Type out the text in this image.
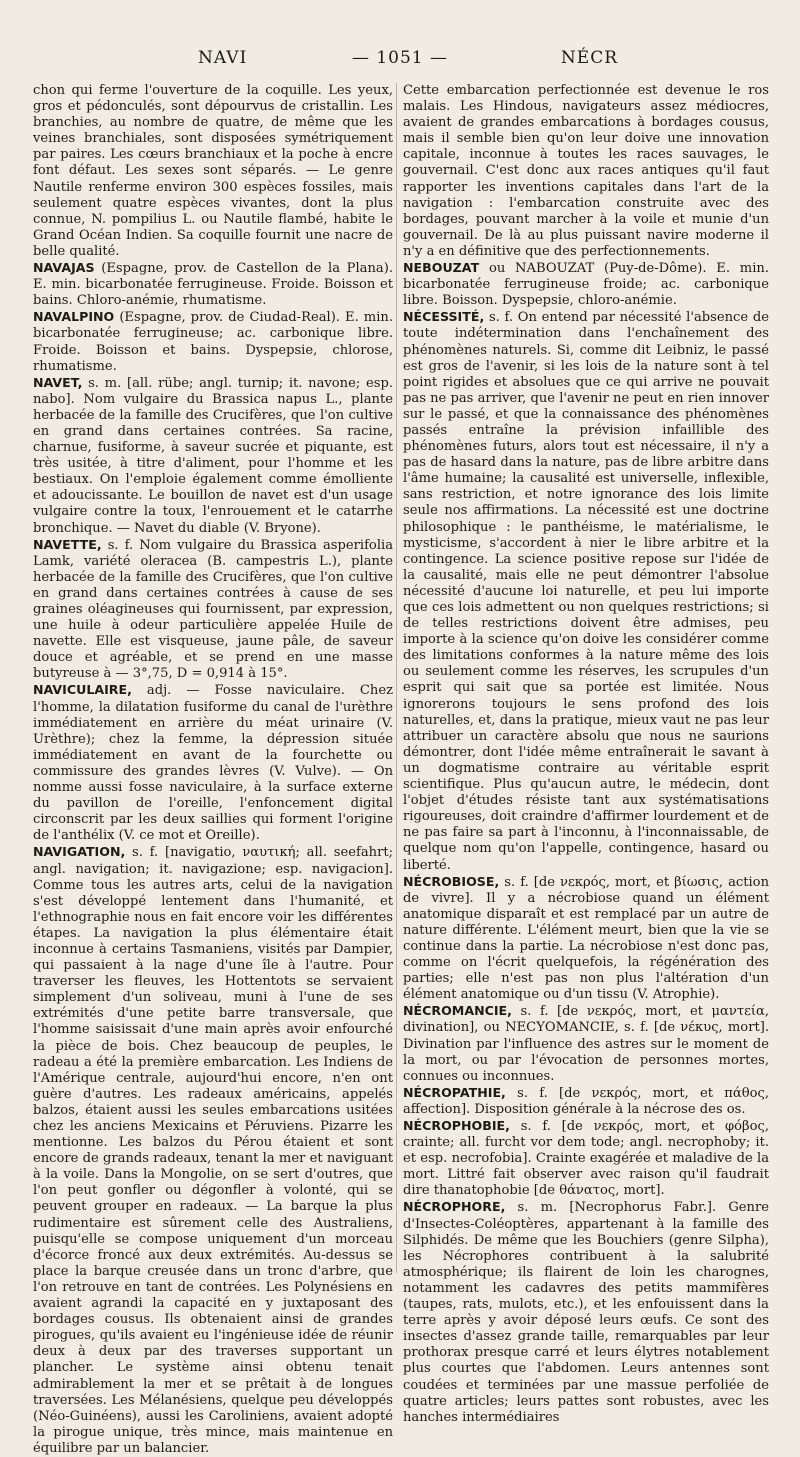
NAVI	— 1051 —	NÉCR

chon qui ferme l'ouverture de la coquille. Les yeux, gros et pédonculés, sont dépourvus de cristallin. Les branchies, au nombre de quatre, de même que les veines branchiales, sont disposées symétriquement par paires. Les cœurs branchiaux et la poche à encre font défaut. Les sexes sont séparés. — Le genre Nautile renferme environ 300 espèces fossiles, mais seulement quatre espèces vivantes, dont la plus connue, N. pompilius L. ou Nautile flambé, habite le Grand Océan Indien. Sa coquille fournit une nacre de belle qualité.

NAVAJAS (Espagne, prov. de Castellon de la Plana). E. min. bicarbonatée ferrugineuse. Froide. Boisson et bains. Chloro-anémie, rhumatisme.

NAVALPINO (Espagne, prov. de Ciudad-Real). E. min. bicarbonatée ferrugineuse; ac. carbonique libre. Froide. Boisson et bains. Dyspepsie, chlorose, rhumatisme.

NAVET, s. m. [all. rübe; angl. turnip; it. navone; esp. nabo]. Nom vulgaire du Brassica napus L., plante herbacée de la famille des Crucifères, que l'on cultive en grand dans certaines contrées. Sa racine, charnue, fusiforme, à saveur sucrée et piquante, est très usitée, à titre d'aliment, pour l'homme et les bestiaux. On l'emploie également comme émolliente et adoucissante. Le bouillon de navet est d'un usage vulgaire contre la toux, l'enrouement et le catarrhe bronchique. — Navet du diable (V. Bryone).

NAVETTE, s. f. Nom vulgaire du Brassica asperifolia Lamk, variété oleracea (B. campestris L.), plante herbacée de la famille des Crucifères, que l'on cultive en grand dans certaines contrées à cause de ses graines oléagineuses qui fournissent, par expression, une huile à odeur particulière appelée Huile de navette. Elle est visqueuse, jaune pâle, de saveur douce et agréable, et se prend en une masse butyreuse à — 3°,75, D = 0,914 à 15°.

NAVICULAIRE, adj. — Fosse naviculaire. Chez l'homme, la dilatation fusiforme du canal de l'urèthre immédiatement en arrière du méat urinaire (V. Urèthre); chez la femme, la dépression située immédiatement en avant de la fourchette ou commissure des grandes lèvres (V. Vulve). — On nomme aussi fosse naviculaire, à la surface externe du pavillon de l'oreille, l'enfoncement digital circonscrit par les deux saillies qui forment l'origine de l'anthélix (V. ce mot et Oreille).

NAVIGATION, s. f. [navigatio, ναυτική; all. seefahrt; angl. navigation; it. navigazione; esp. navigacion]. Comme tous les autres arts, celui de la navigation s'est développé lentement dans l'humanité, et l'ethnographie nous en fait encore voir les différentes étapes. La navigation la plus élémentaire était inconnue à certains Tasmaniens, visités par Dampier, qui passaient à la nage d'une île à l'autre. Pour traverser les fleuves, les Hottentots se servaient simplement d'un soliveau, muni à l'une de ses extrémités d'une petite barre transversale, que l'homme saisissait d'une main après avoir enfourché la pièce de bois. Chez beaucoup de peuples, le radeau a été la première embarcation. Les Indiens de l'Amérique centrale, aujourd'hui encore, n'en ont guère d'autres. Les radeaux américains, appelés balzos, étaient aussi les seules embarcations usitées chez les anciens Mexicains et Péruviens. Pizarre les mentionne. Les balzos du Pérou étaient et sont encore de grands radeaux, tenant la mer et naviguant à la voile. Dans la Mongolie, on se sert d'outres, que l'on peut gonfler ou dégonfler à volonté, qui se peuvent grouper en radeaux. — La barque la plus rudimentaire est sûrement celle des Australiens, puisqu'elle se compose uniquement d'un morceau d'écorce froncé aux deux extrémités. Au-dessus se place la barque creusée dans un tronc d'arbre, que l'on retrouve en tant de contrées. Les Polynésiens en avaient agrandi la capacité en y juxtaposant des bordages cousus. Ils obtenaient ainsi de grandes pirogues, qu'ils avaient eu l'ingénieuse idée de réunir deux à deux par des traverses supportant un plancher. Le système ainsi obtenu tenait admirablement la mer et se prêtait à de longues traversées. Les Mélanésiens, quelque peu développés (Néo-Guinéens), aussi les Caroliniens, avaient adopté la pirogue unique, très mince, mais maintenue en équilibre par un balancier.

Cette embarcation perfectionnée est devenue le ros malais. Les Hindous, navigateurs assez médiocres, avaient de grandes embarcations à bordages cousus, mais il semble bien qu'on leur doive une innovation capitale, inconnue à toutes les races sauvages, le gouvernail. C'est donc aux races antiques qu'il faut rapporter les inventions capitales dans l'art de la navigation : l'embarcation construite avec des bordages, pouvant marcher à la voile et munie d'un gouvernail. De là au plus puissant navire moderne il n'y a en définitive que des perfectionnements.

NEBOUZAT ou NABOUZAT (Puy-de-Dôme). E. min. bicarbonatée ferrugineuse froide; ac. carbonique libre. Boisson. Dyspepsie, chloro-anémie.

NÉCESSITÉ, s. f. On entend par nécessité l'absence de toute indétermination dans l'enchaînement des phénomènes naturels. Si, comme dit Leibniz, le passé est gros de l'avenir, si les lois de la nature sont à tel point rigides et absolues que ce qui arrive ne pouvait pas ne pas arriver, que l'avenir ne peut en rien innover sur le passé, et que la connaissance des phénomènes passés entraîne la prévision infaillible des phénomènes futurs, alors tout est nécessaire, il n'y a pas de hasard dans la nature, pas de libre arbitre dans l'âme humaine; la causalité est universelle, inflexible, sans restriction, et notre ignorance des lois limite seule nos affirmations. La nécessité est une doctrine philosophique : le panthéisme, le matérialisme, le mysticisme, s'accordent à nier le libre arbitre et la contingence. La science positive repose sur l'idée de la causalité, mais elle ne peut démontrer l'absolue nécessité d'aucune loi naturelle, et peu lui importe que ces lois admettent ou non quelques restrictions; si de telles restrictions doivent être admises, peu importe à la science qu'on doive les considérer comme des limitations conformes à la nature même des lois ou seulement comme les réserves, les scrupules d'un esprit qui sait que sa portée est limitée. Nous ignorerons toujours le sens profond des lois naturelles, et, dans la pratique, mieux vaut ne pas leur attribuer un caractère absolu que nous ne saurions démontrer, dont l'idée même entraînerait le savant à un dogmatisme contraire au véritable esprit scientifique. Plus qu'aucun autre, le médecin, dont l'objet d'études résiste tant aux systématisations rigoureuses, doit craindre d'affirmer lourdement et de ne pas faire sa part à l'inconnu, à l'inconnaissable, de quelque nom qu'on l'appelle, contingence, hasard ou liberté.

NÉCROBIOSE, s. f. [de νεκρός, mort, et βίωσις, action de vivre]. Il y a nécrobiose quand un élément anatomique disparaît et est remplacé par un autre de nature différente. L'élément meurt, bien que la vie se continue dans la partie. La nécrobiose n'est donc pas, comme on l'écrit quelquefois, la régénération des parties; elle n'est pas non plus l'altération d'un élément anatomique ou d'un tissu (V. Atrophie).

NÉCROMANCIE, s. f. [de νεκρός, mort, et μαντεία, divination], ou NECYOMANCIE, s. f. [de νέκυς, mort]. Divination par l'influence des astres sur le moment de la mort, ou par l'évocation de personnes mortes, connues ou inconnues.

NÉCROPATHIE, s. f. [de νεκρός, mort, et πάθος, affection]. Disposition générale à la nécrose des os.

NÉCROPHOBIE, s. f. [de νεκρός, mort, et φόβος, crainte; all. furcht vor dem tode; angl. necrophoby; it. et esp. necrofobia]. Crainte exagérée et maladive de la mort. Littré fait observer avec raison qu'il faudrait dire thanatophobie [de θάνατος, mort].

NÉCROPHORE, s. m. [Necrophorus Fabr.]. Genre d'Insectes-Coléoptères, appartenant à la famille des Silphidés. De même que les Bouchiers (genre Silpha), les Nécrophores contribuent à la salubrité atmosphérique; ils flairent de loin les charognes, notamment les cadavres des petits mammifères (taupes, rats, mulots, etc.), et les enfouissent dans la terre après y avoir déposé leurs œufs. Ce sont des insectes d'assez grande taille, remarquables par leur prothorax presque carré et leurs élytres notablement plus courtes que l'abdomen. Leurs antennes sont coudées et terminées par une massue perfoliée de quatre articles; leurs pattes sont robustes, avec les hanches intermédiaires
